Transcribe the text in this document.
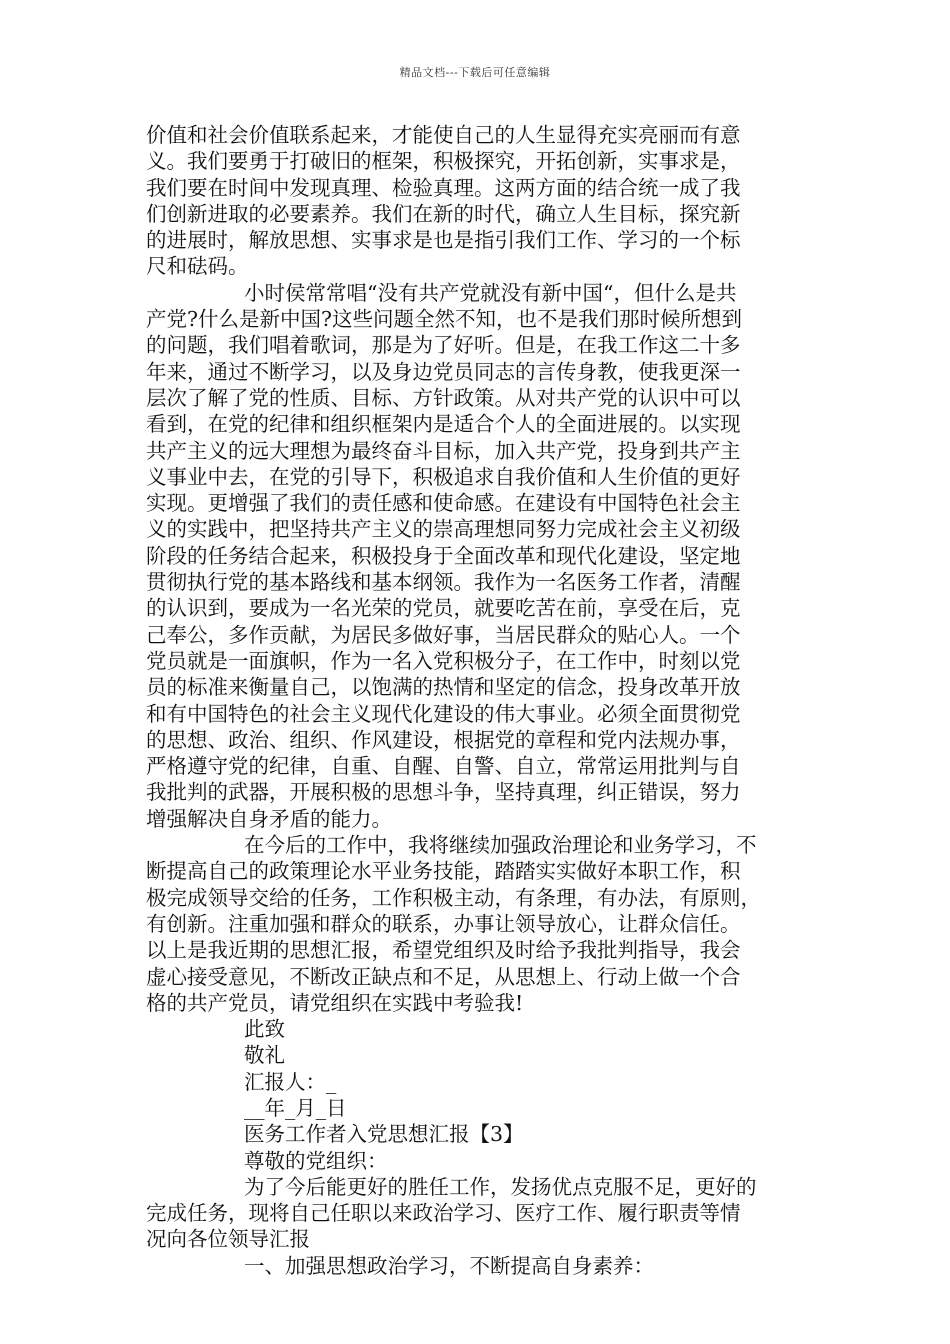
精品文档---下载后可任意编辑
价值和社会价值联系起来，才能使自己的人生显得充实亮丽而有意
义。我们要勇于打破旧的框架，积极探究，开拓创新，实事求是，
我们要在时间中发现真理、检验真理。这两方面的结合统一成了我
们创新进取的必要素养。我们在新的时代，确立人生目标，探究新
的进展时，解放思想、实事求是也是指引我们工作、学习的一个标
尺和砝码。
小时侯常常唱“没有共产党就没有新中国“，但什么是共
产党?什么是新中国?这些问题全然不知，也不是我们那时候所想到
的问题，我们唱着歌词，那是为了好听。但是，在我工作这二十多
年来，通过不断学习，以及身边党员同志的言传身教，使我更深一
层次了解了党的性质、目标、方针政策。从对共产党的认识中可以
看到，在党的纪律和组织框架内是适合个人的全面进展的。以实现
共产主义的远大理想为最终奋斗目标，加入共产党，投身到共产主
义事业中去，在党的引导下，积极追求自我价值和人生价值的更好
实现。更增强了我们的责任感和使命感。在建设有中国特色社会主
义的实践中，把坚持共产主义的崇高理想同努力完成社会主义初级
阶段的任务结合起来，积极投身于全面改革和现代化建设，坚定地
贯彻执行党的基本路线和基本纲领。我作为一名医务工作者，清醒
的认识到，要成为一名光荣的党员，就要吃苦在前，享受在后，克
己奉公，多作贡献，为居民多做好事，当居民群众的贴心人。一个
党员就是一面旗帜，作为一名入党积极分子，在工作中，时刻以党
员的标准来衡量自己，以饱满的热情和坚定的信念，投身改革开放
和有中国特色的社会主义现代化建设的伟大事业。必须全面贯彻党
的思想、政治、组织、作风建设，根据党的章程和党内法规办事，
严格遵守党的纪律，自重、自醒、自警、自立，常常运用批判与自
我批判的武器，开展积极的思想斗争，坚持真理，纠正错误，努力
增强解决自身矛盾的能力。
在今后的工作中，我将继续加强政治理论和业务学习，不
断提高自己的政策理论水平业务技能，踏踏实实做好本职工作，积
极完成领导交给的任务，工作积极主动，有条理，有办法，有原则，
有创新。注重加强和群众的联系，办事让领导放心，让群众信任。
以上是我近期的思想汇报，希望党组织及时给予我批判指导，我会
虚心接受意见，不断改正缺点和不足，从思想上、行动上做一个合
格的共产党员，请党组织在实践中考验我!
此致
敬礼
汇报人：_
__年_月_日
医务工作者入党思想汇报【3】
尊敬的党组织：
为了今后能更好的胜任工作，发扬优点克服不足，更好的
完成任务，现将自己任职以来政治学习、医疗工作、履行职责等情
况向各位领导汇报
一、加强思想政治学习，不断提高自身素养：
